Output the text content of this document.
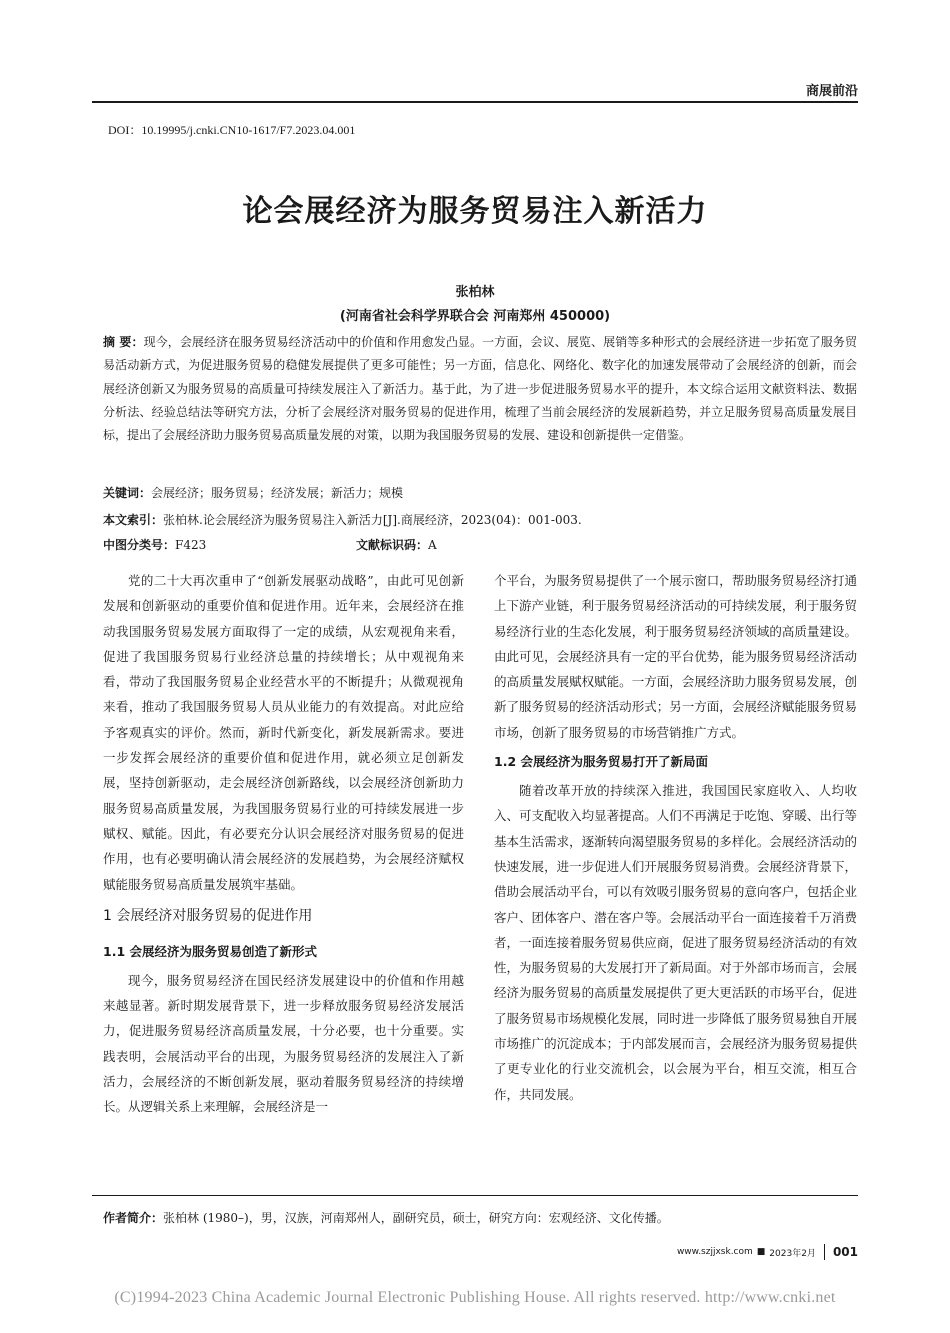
商展前沿
DOI：10.19995/j.cnki.CN10-1617/F7.2023.04.001
论会展经济为服务贸易注入新活力
张柏林
(河南省社会科学界联合会 河南郑州 450000)
摘 要：现今，会展经济在服务贸易经济活动中的价值和作用愈发凸显。一方面，会议、展览、展销等多种形式的会展经济进一步拓宽了服务贸易活动新方式，为促进服务贸易的稳健发展提供了更多可能性；另一方面，信息化、网络化、数字化的加速发展带动了会展经济的创新，而会展经济创新又为服务贸易的高质量可持续发展注入了新活力。基于此，为了进一步促进服务贸易水平的提升，本文综合运用文献资料法、数据分析法、经验总结法等研究方法，分析了会展经济对服务贸易的促进作用，梳理了当前会展经济的发展新趋势，并立足服务贸易高质量发展目标，提出了会展经济助力服务贸易高质量发展的对策，以期为我国服务贸易的发展、建设和创新提供一定借鉴。
关键词：会展经济；服务贸易；经济发展；新活力；规模
本文索引：张柏林.论会展经济为服务贸易注入新活力[J].商展经济，2023(04)：001-003.
中图分类号：F423	文献标识码：A

党的二十大再次重申了“创新发展驱动战略”，由此可见创新发展和创新驱动的重要价值和促进作用。近年来，会展经济在推动我国服务贸易发展方面取得了一定的成绩，从宏观视角来看，促进了我国服务贸易行业经济总量的持续增长；从中观视角来看，带动了我国服务贸易企业经营水平的不断提升；从微观视角来看，推动了我国服务贸易人员从业能力的有效提高。对此应给予客观真实的评价。然而，新时代新变化，新发展新需求。要进一步发挥会展经济的重要价值和促进作用，就必须立足创新发展，坚持创新驱动，走会展经济创新路线，以会展经济创新助力服务贸易高质量发展，为我国服务贸易行业的可持续发展进一步赋权、赋能。因此，有必要充分认识会展经济对服务贸易的促进作用，也有必要明确认清会展经济的发展趋势，为会展经济赋权赋能服务贸易高质量发展筑牢基础。

1 会展经济对服务贸易的促进作用
1.1 会展经济为服务贸易创造了新形式

现今，服务贸易经济在国民经济发展建设中的价值和作用越来越显著。新时期发展背景下，进一步释放服务贸易经济发展活力，促进服务贸易经济高质量发展，十分必要，也十分重要。实践表明，会展活动平台的出现，为服务贸易经济的发展注入了新活力，会展经济的不断创新发展，驱动着服务贸易经济的持续增长。从逻辑关系上来理解，会展经济是一

个平台，为服务贸易提供了一个展示窗口，帮助服务贸易经济打通上下游产业链，利于服务贸易经济活动的可持续发展，利于服务贸易经济行业的生态化发展，利于服务贸易经济领域的高质量建设。由此可见，会展经济具有一定的平台优势，能为服务贸易经济活动的高质量发展赋权赋能。一方面，会展经济助力服务贸易发展，创新了服务贸易的经济活动形式；另一方面，会展经济赋能服务贸易市场，创新了服务贸易的市场营销推广方式。

1.2 会展经济为服务贸易打开了新局面

随着改革开放的持续深入推进，我国国民家庭收入、人均收入、可支配收入均显著提高。人们不再满足于吃饱、穿暖、出行等基本生活需求，逐渐转向渴望服务贸易的多样化。会展经济活动的快速发展，进一步促进人们开展服务贸易消费。会展经济背景下，借助会展活动平台，可以有效吸引服务贸易的意向客户，包括企业客户、团体客户、潜在客户等。会展活动平台一面连接着千万消费者，一面连接着服务贸易供应商，促进了服务贸易经济活动的有效性，为服务贸易的大发展打开了新局面。对于外部市场而言，会展经济为服务贸易的高质量发展提供了更大更活跃的市场平台，促进了服务贸易市场规模化发展，同时进一步降低了服务贸易独自开展市场推广的沉淀成本；于内部发展而言，会展经济为服务贸易提供了更专业化的行业交流机会，以会展为平台，相互交流，相互合作，共同发展。

作者简介：张柏林 (1980–)，男，汉族，河南郑州人，副研究员，硕士，研究方向：宏观经济、文化传播。
www.szjjxsk.com ■ 2023年2月 001
(C)1994-2023 China Academic Journal Electronic Publishing House. All rights reserved. http://www.cnki.net
